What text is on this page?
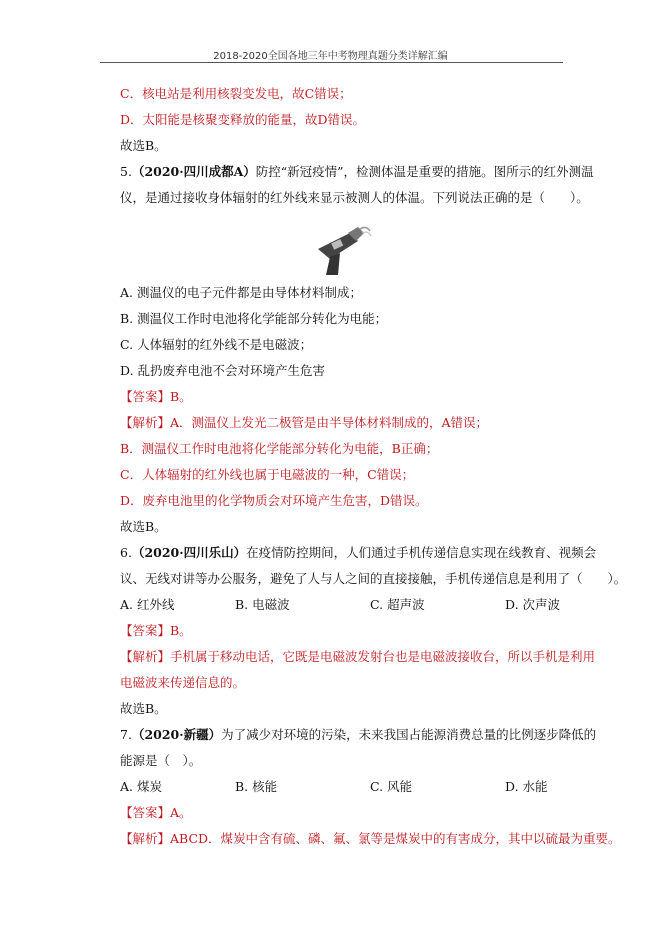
2018-2020全国各地三年中考物理真题分类详解汇编
C．核电站是利用核裂变发电，故C错误；
D．太阳能是核聚变释放的能量，故D错误。
故选B。
5.（2020·四川成都A）防控“新冠疫情”，检测体温是重要的措施。图所示的红外测温
仪，是通过接收身体辐射的红外线来显示被测人的体温。下列说法正确的是（　　）。
A. 测温仪的电子元件都是由导体材料制成；
B. 测温仪工作时电池将化学能部分转化为电能；
C. 人体辐射的红外线不是电磁波；
D. 乱扔废弃电池不会对环境产生危害
【答案】B。
【解析】A．测温仪上发光二极管是由半导体材料制成的，A错误；
B．测温仪工作时电池将化学能部分转化为电能，B正确；
C．人体辐射的红外线也属于电磁波的一种，C错误；
D．废弃电池里的化学物质会对环境产生危害，D错误。
故选B。
6.（2020·四川乐山）在疫情防控期间，人们通过手机传递信息实现在线教育、视频会
议、无线对讲等办公服务，避免了人与人之间的直接接触，手机传递信息是利用了（　　）。
A. 红外线	B. 电磁波	C. 超声波	D. 次声波
【答案】B。
【解析】手机属于移动电话，它既是电磁波发射台也是电磁波接收台，所以手机是利用
电磁波来传递信息的。
故选B。
7.（2020·新疆）为了减少对环境的污染，未来我国占能源消费总量的比例逐步降低的
能源是（　）。
A. 煤炭	B. 核能	C. 风能	D. 水能
【答案】A。
【解析】ABCD．煤炭中含有硫、磷、氟、氯等是煤炭中的有害成分，其中以硫最为重要。
